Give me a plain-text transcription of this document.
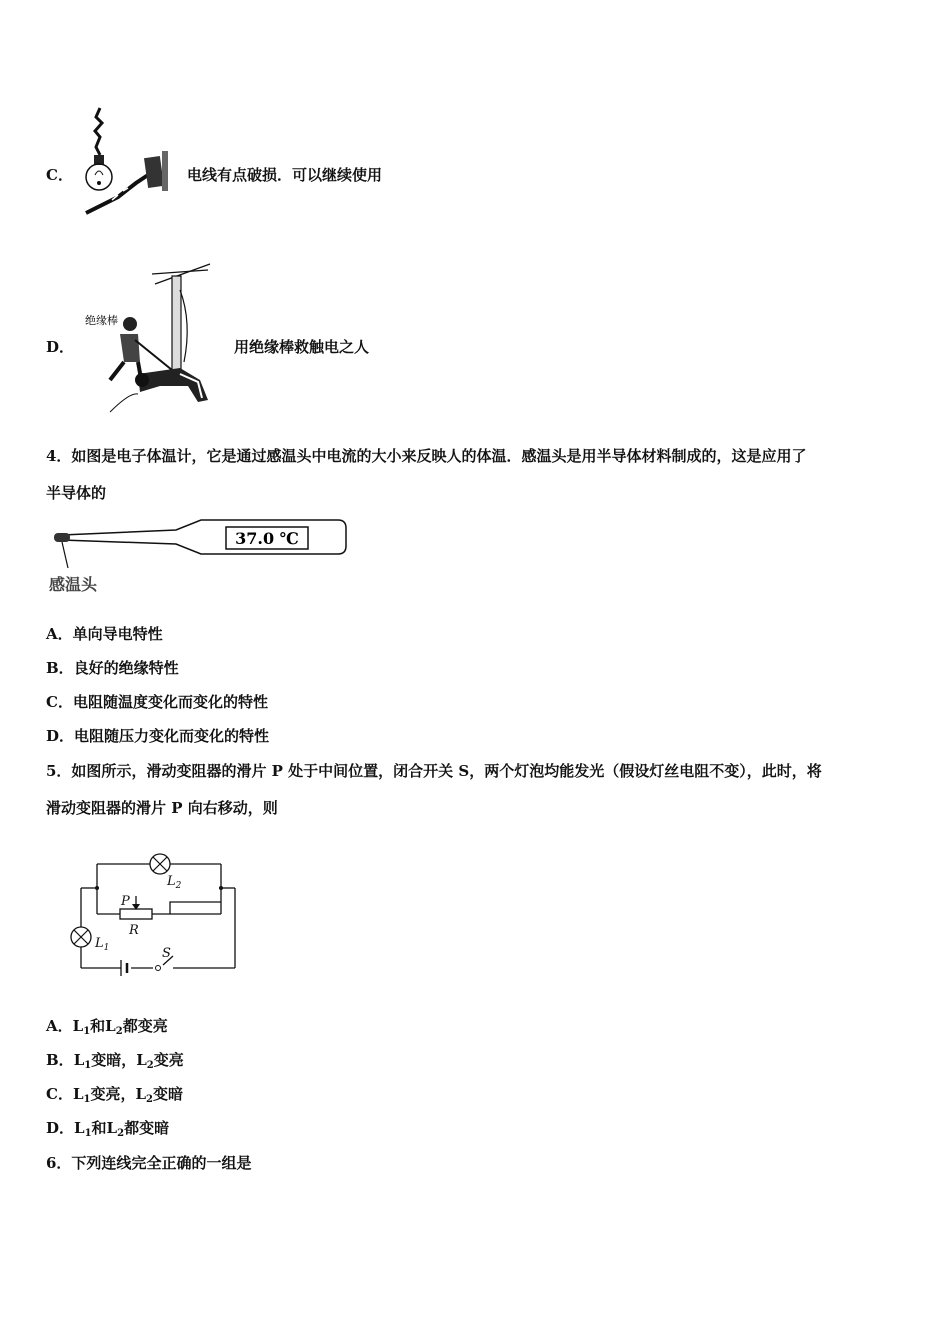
C．	电线有点破损．可以继续使用
D．
绝缘棒
用绝缘棒救触电之人
4．如图是电子体温计，它是通过感温头中电流的大小来反映人的体温．感温头是用半导体材料制成的，这是应用了
半导体的
37.0 ℃
感温头
A．单向导电特性
B．良好的绝缘特性
C．电阻随温度变化而变化的特性
D．电阻随压力变化而变化的特性
5．如图所示，滑动变阻器的滑片 P 处于中间位置，闭合开关 S，两个灯泡均能发光（假设灯丝电阻不变），此时，将
滑动变阻器的滑片 P 向右移动，则
$L_2$
$L_1$
P
R
S
A．$L_1$和$L_2$都变亮
B．$L_1$变暗，$L_2$变亮
C．$L_1$变亮，$L_2$变暗
D．$L_1$和$L_2$都变暗
6．下列连线完全正确的一组是
